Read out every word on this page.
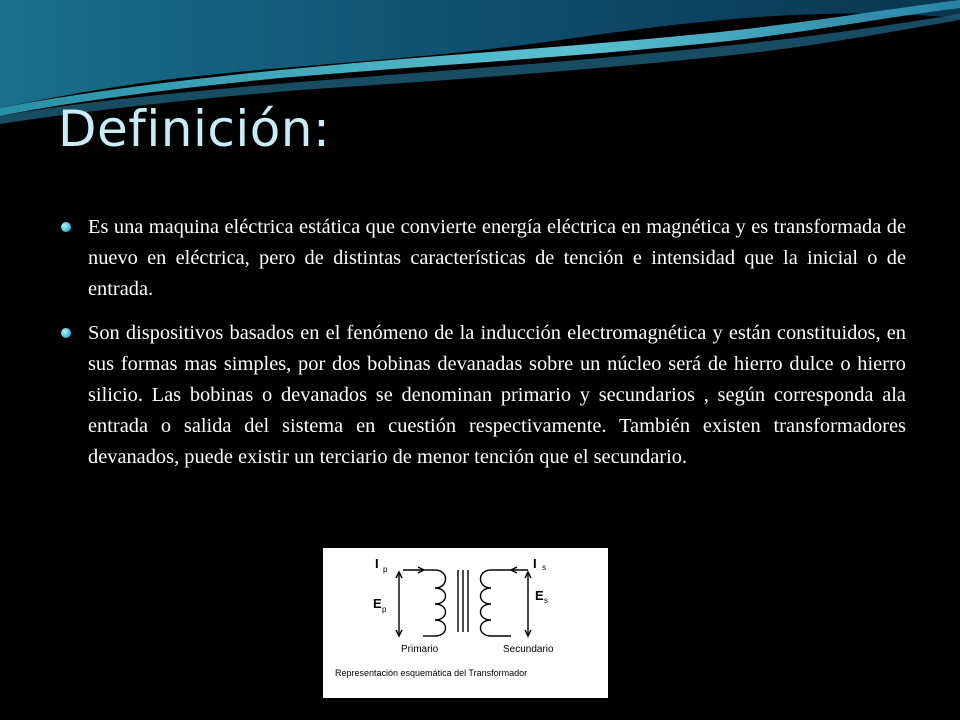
Definición:
Es una maquina eléctrica estática que convierte energía eléctrica en magnética y es transformada de nuevo en eléctrica, pero de distintas características de tención e intensidad que la inicial o de entrada.
Son dispositivos basados en el fenómeno de la inducción electromagnética y están constituidos, en sus formas mas simples, por dos bobinas devanadas sobre un núcleo será de hierro dulce o hierro silicio. Las bobinas o devanados se denominan primario y secundarios , según corresponda ala entrada o salida del sistema en cuestión respectivamente. También existen transformadores devanados, puede existir un terciario de menor tención que el secundario.
I p	I s
E p
E s
Primario	Secundario
Representación esquemática del Transformador
